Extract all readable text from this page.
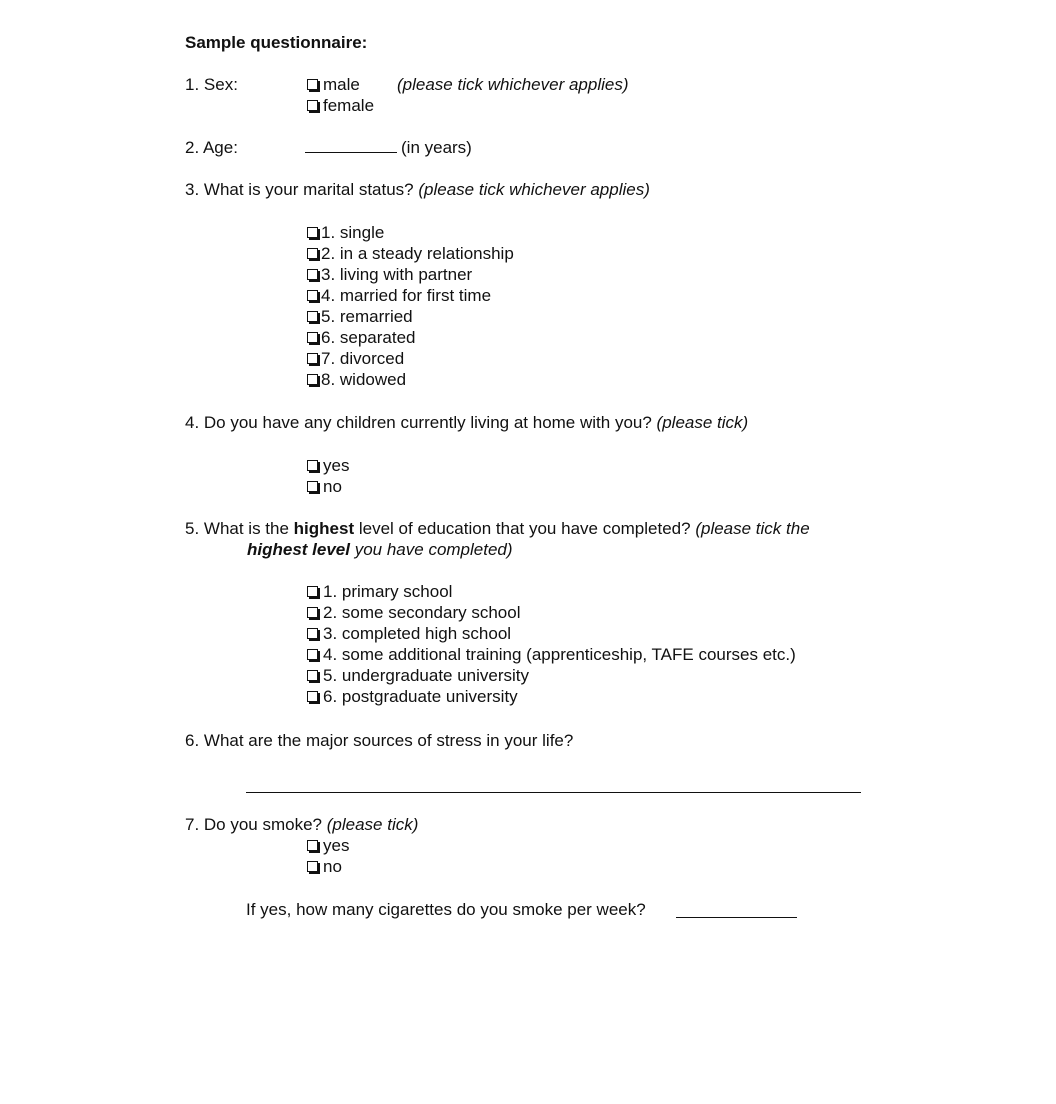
Sample questionnaire:
1. Sex:	male (please tick whichever applies)
female
2. Age:	(in years)
3. What is your marital status? (please tick whichever applies)
1. single
2. in a steady relationship
3. living with partner
4. married for first time
5. remarried
6. separated
7. divorced
8. widowed
4. Do you have any children currently living at home with you? (please tick)
yes
no
5. What is the highest level of education that you have completed? (please tick the
highest level you have completed)
1. primary school
2. some secondary school
3. completed high school
4. some additional training (apprenticeship, TAFE courses etc.)
5. undergraduate university
6. postgraduate university
6. What are the major sources of stress in your life?
7. Do you smoke? (please tick)
yes
no
If yes, how many cigarettes do you smoke per week?
